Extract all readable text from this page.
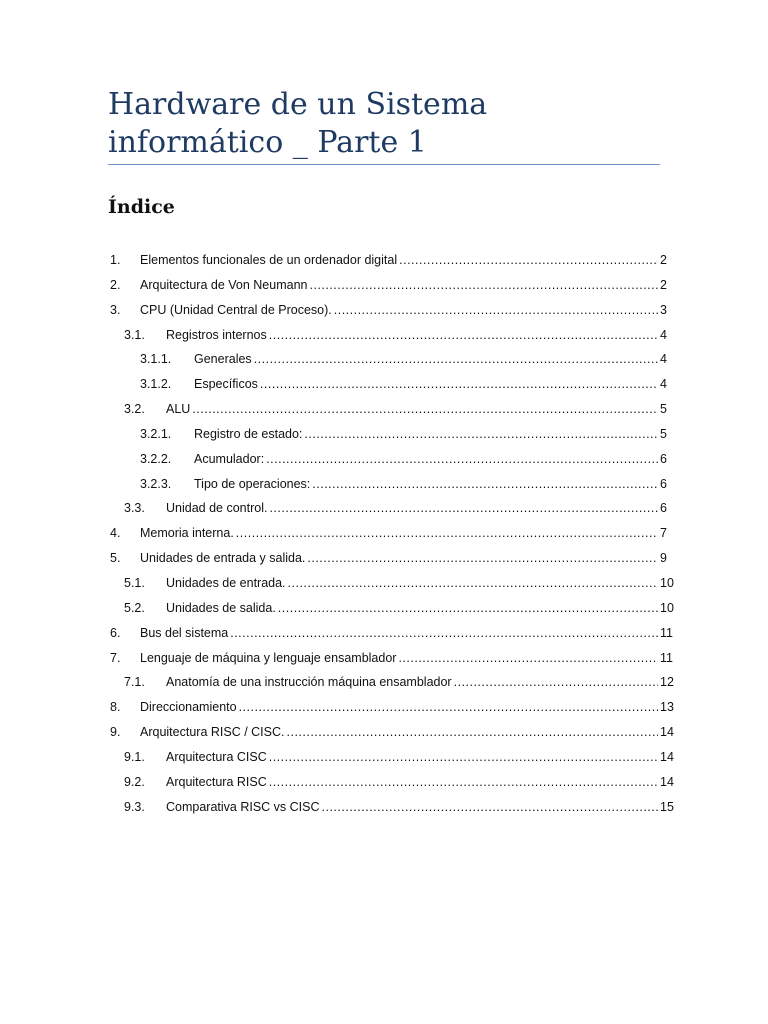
Hardware de un Sistema informático _ Parte 1
Índice
1. Elementos funcionales de un ordenador digital .....	2
2. Arquitectura de Von Neumann .....	2
3. CPU (Unidad Central de Proceso). .....	3
3.1. Registros internos .....	4
3.1.1. Generales .....	4
3.1.2. Específicos .....	4
3.2. ALU .....	5
3.2.1. Registro de estado: .....	5
3.2.2. Acumulador: .....	6
3.2.3. Tipo de operaciones: .....	6
3.3. Unidad de control. .....	6
4. Memoria interna. .....	7
5. Unidades de entrada y salida. .....	9
5.1. Unidades de entrada. .....	10
5.2. Unidades de salida. .....	10
6. Bus del sistema .....	11
7. Lenguaje de máquina y lenguaje ensamblador .....	11
7.1. Anatomía de una instrucción máquina ensamblador .....	12
8. Direccionamiento .....	13
9. Arquitectura RISC / CISC. .....	14
9.1. Arquitectura CISC .....	14
9.2. Arquitectura RISC .....	14
9.3. Comparativa RISC vs CISC .....	15
